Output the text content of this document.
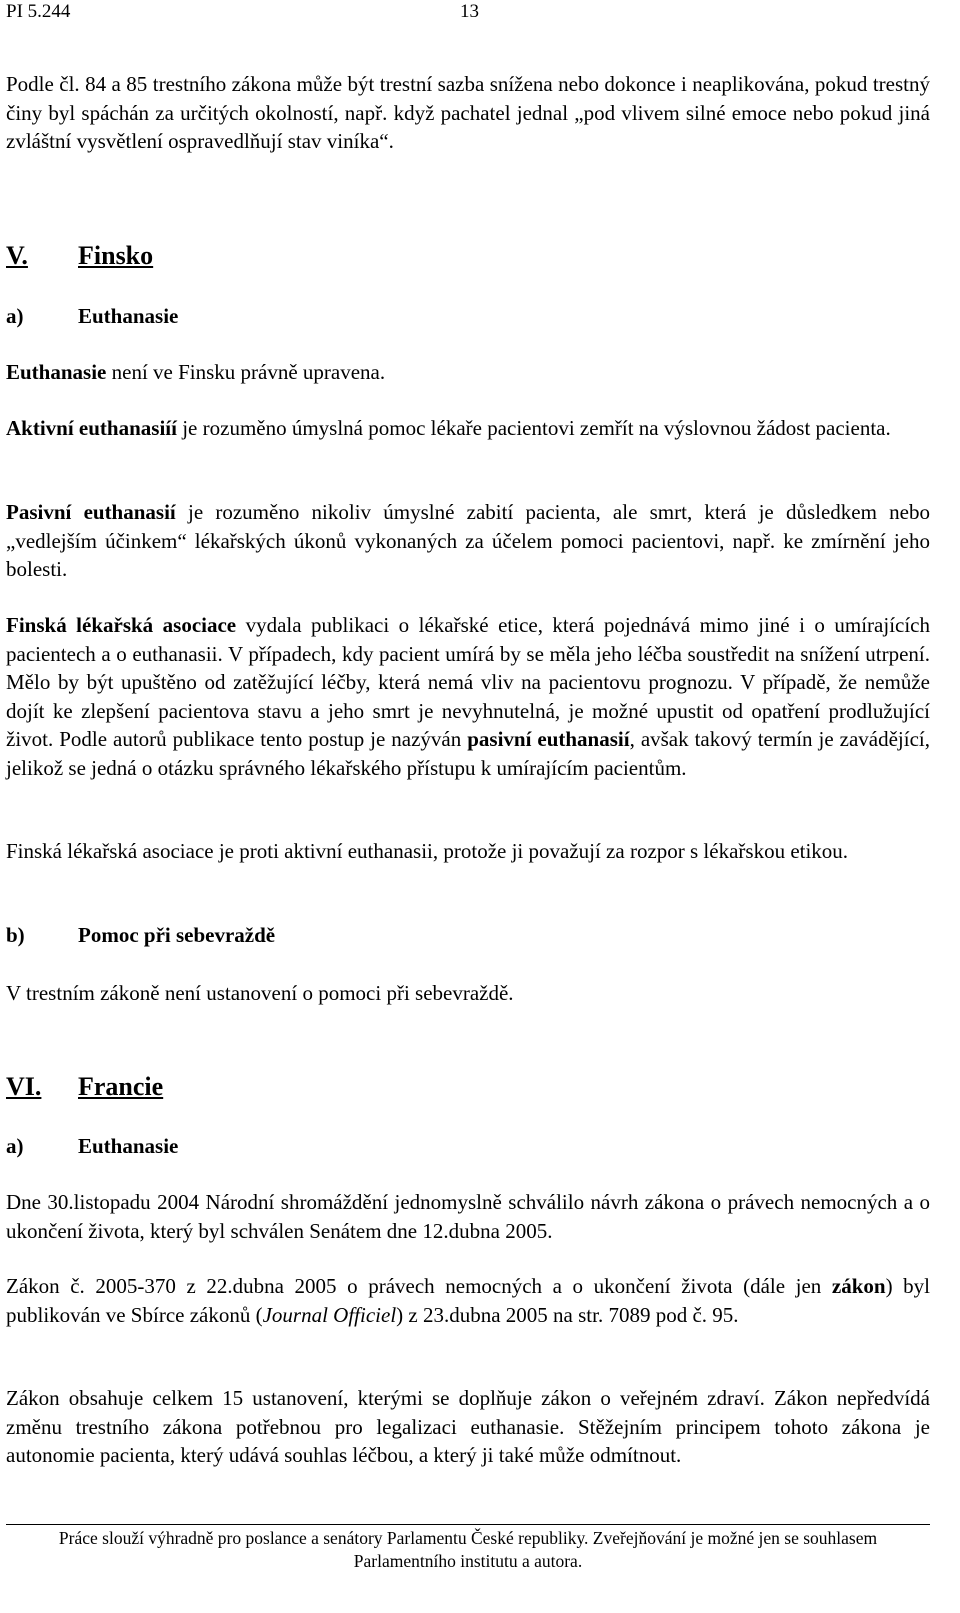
PI 5.244	13

Podle čl. 84 a 85 trestního zákona může být trestní sazba snížena nebo dokonce i neaplikována, pokud trestný činy byl spáchán za určitých okolností, např. když pachatel jednal „pod vlivem silné emoce nebo pokud jiná zvláštní vysvětlení ospravedlňují stav viníka“.

V. Finsko
a)	Euthanasie

Euthanasie není ve Finsku právně upravena.

Aktivní euthanasiíí je rozuměno úmyslná pomoc lékaře pacientovi zemřít na výslovnou žádost pacienta.

Pasivní euthanasií je rozuměno nikoliv úmyslné zabití pacienta, ale smrt, která je důsledkem nebo „vedlejším účinkem“ lékařských úkonů vykonaných za účelem pomoci pacientovi, např. ke zmírnění jeho bolesti.

Finská lékařská asociace vydala publikaci o lékařské etice, která pojednává mimo jiné i o umírajících pacientech a o euthanasii. V případech, kdy pacient umírá by se měla jeho léčba soustředit na snížení utrpení. Mělo by být upuštěno od zatěžující léčby, která nemá vliv na pacientovu prognozu. V případě, že nemůže dojít ke zlepšení pacientova stavu a jeho smrt je nevyhnutelná, je možné upustit od opatření prodlužující život. Podle autorů publikace tento postup je nazýván pasivní euthanasií, avšak takový termín je zavádějící, jelikož se jedná o otázku správného lékařského přístupu k umírajícím pacientům.

Finská lékařská asociace je proti aktivní euthanasii, protože ji považují za rozpor s lékařskou etikou.

b)	Pomoc při sebevraždě

V trestním zákoně není ustanovení o pomoci při sebevraždě.

VI. Francie
a)	Euthanasie

Dne 30.listopadu 2004 Národní shromáždění jednomyslně schválilo návrh zákona o právech nemocných a o ukončení života, který byl schválen Senátem dne 12.dubna 2005.

Zákon č. 2005-370 z 22.dubna 2005 o právech nemocných a o ukončení života (dále jen zákon) byl publikován ve Sbírce zákonů (Journal Officiel) z 23.dubna 2005 na str. 7089 pod č. 95.

Zákon obsahuje celkem 15 ustanovení, kterými se doplňuje zákon o veřejném zdraví. Zákon nepředvídá změnu trestního zákona potřebnou pro legalizaci euthanasie. Stěžejním principem tohoto zákona je autonomie pacienta, který udává souhlas léčbou, a který ji také může odmítnout.

Práce slouží výhradně pro poslance a senátory Parlamentu České republiky. Zveřejňování je možné jen se souhlasem Parlamentního institutu a autora.
